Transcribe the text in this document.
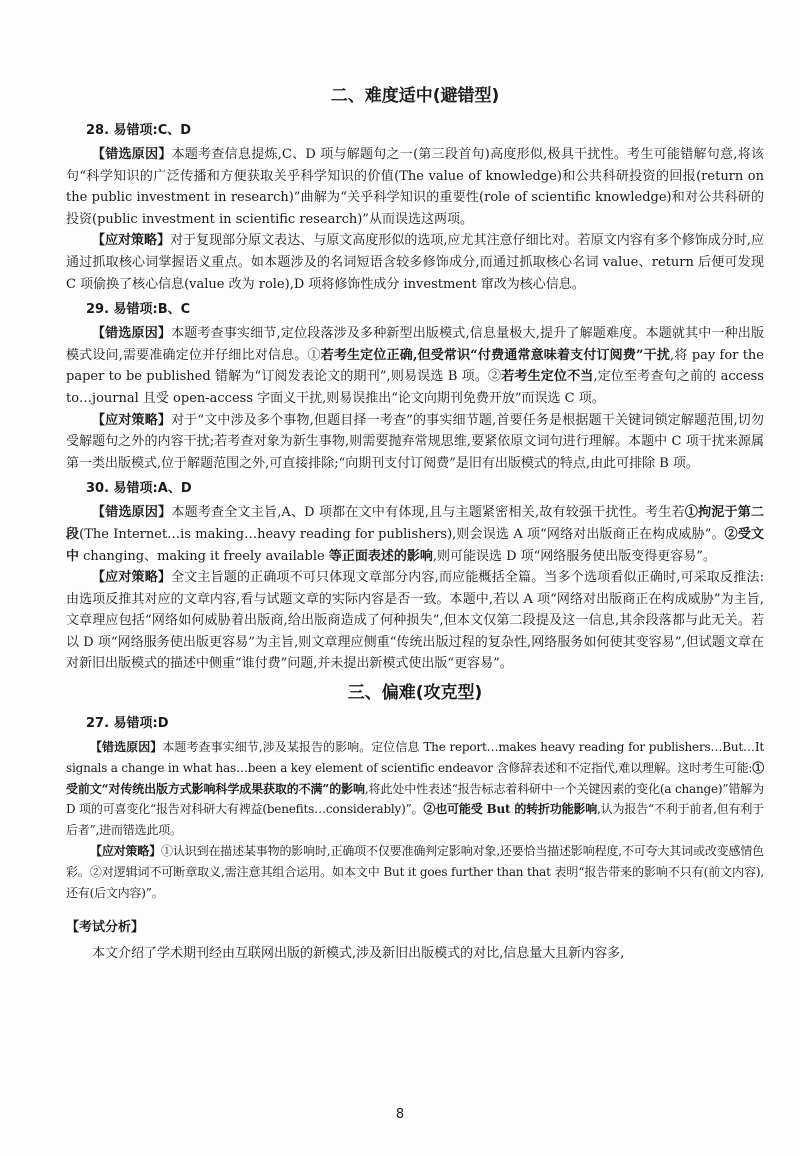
二、难度适中(避错型)
28. 易错项:C、D

【错选原因】本题考查信息提炼,C、D 项与解题句之一(第三段首句)高度形似,极具干扰性。考生可能错解句意,将该句“科学知识的广泛传播和方便获取关乎科学知识的价值(The value of knowledge)和公共科研投资的回报(return on the public investment in research)”曲解为“关乎科学知识的重要性(role of scientific knowledge)和对公共科研的投资(public investment in scientific research)”从而误选这两项。

【应对策略】对于复现部分原文表达、与原文高度形似的选项,应尤其注意仔细比对。若原文内容有多个修饰成分时,应通过抓取核心词掌握语义重点。如本题涉及的名词短语含较多修饰成分,而通过抓取核心名词 value、return 后便可发现 C 项偷换了核心信息(value 改为 role),D 项将修饰性成分 investment 窜改为核心信息。

29. 易错项:B、C

【错选原因】本题考查事实细节,定位段落涉及多种新型出版模式,信息量极大,提升了解题难度。本题就其中一种出版模式设问,需要准确定位并仔细比对信息。①若考生定位正确,但受常识“付费通常意味着支付订阅费”干扰,将 pay for the paper to be published 错解为“订阅发表论文的期刊”,则易误选 B 项。②若考生定位不当,定位至考查句之前的 access to…journal 且受 open-access 字面义干扰,则易误推出“论文向期刊免费开放”而误选 C 项。

【应对策略】对于“文中涉及多个事物,但题目择一考查”的事实细节题,首要任务是根据题干关键词锁定解题范围,切勿受解题句之外的内容干扰;若考查对象为新生事物,则需要抛弃常规思维,要紧依原文词句进行理解。本题中 C 项干扰来源属第一类出版模式,位于解题范围之外,可直接排除;“向期刊支付订阅费”是旧有出版模式的特点,由此可排除 B 项。

30. 易错项:A、D

【错选原因】本题考查全文主旨,A、D 项都在文中有体现,且与主题紧密相关,故有较强干扰性。考生若①拘泥于第二段(The Internet…is making…heavy reading for publishers),则会误选 A 项“网络对出版商正在构成威胁”。②受文中 changing、making it freely available 等正面表述的影响,则可能误选 D 项“网络服务使出版变得更容易”。

【应对策略】全文主旨题的正确项不可只体现文章部分内容,而应能概括全篇。当多个选项看似正确时,可采取反推法:由选项反推其对应的文章内容,看与试题文章的实际内容是否一致。本题中,若以 A 项“网络对出版商正在构成威胁”为主旨,文章理应包括“网络如何威胁着出版商,给出版商造成了何种损失”,但本文仅第二段提及这一信息,其余段落都与此无关。若以 D 项“网络服务使出版更容易”为主旨,则文章理应侧重“传统出版过程的复杂性,网络服务如何使其变容易”,但试题文章在对新旧出版模式的描述中侧重“谁付费”问题,并未提出新模式使出版“更容易”。

三、偏难(攻克型)
27. 易错项:D

【错选原因】本题考查事实细节,涉及某报告的影响。定位信息 The report…makes heavy reading for publishers…But…It signals a change in what has…been a key element of scientific endeavor 含修辞表述和不定指代,难以理解。这时考生可能:①受前文“对传统出版方式影响科学成果获取的不满”的影响,将此处中性表述“报告标志着科研中一个关键因素的变化(a change)”错解为 D 项的可喜变化“报告对科研大有裨益(benefits…considerably)”。②也可能受 But 的转折功能影响,认为报告“不利于前者,但有利于后者”,进而错选此项。

【应对策略】①认识到在描述某事物的影响时,正确项不仅要准确判定影响对象,还要恰当描述影响程度,不可夸大其词或改变感情色彩。②对逻辑词不可断章取义,需注意其组合运用。如本文中 But it goes further than that 表明“报告带来的影响不只有(前文内容),还有(后文内容)”。

【考试分析】

本文介绍了学术期刊经由互联网出版的新模式,涉及新旧出版模式的对比,信息量大且新内容多,

8
